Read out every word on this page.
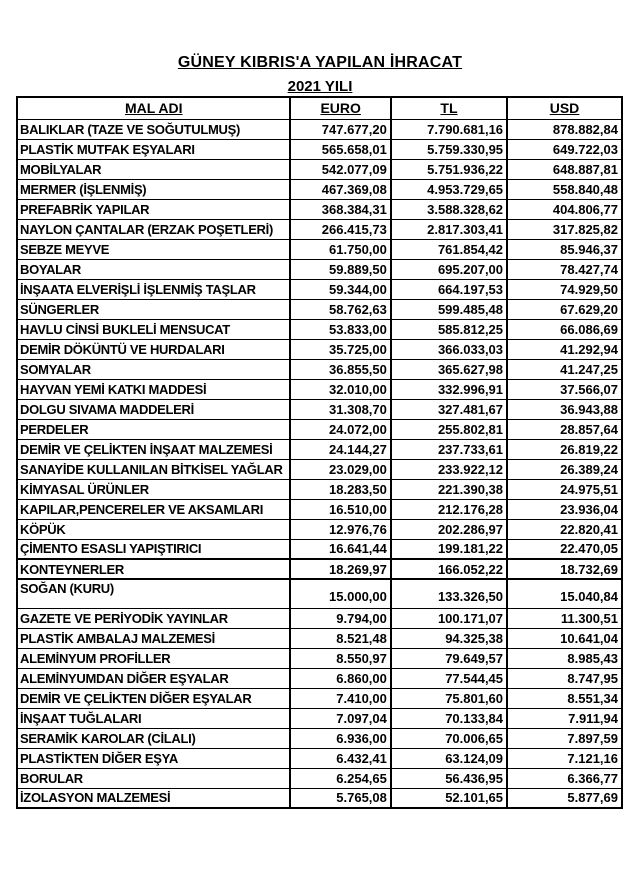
GÜNEY KIBRIS'A YAPILAN İHRACAT
2021 YILI
MAL ADI	EURO	TL	USD
BALIKLAR (TAZE VE SOĞUTULMUŞ)	747.677,20	7.790.681,16	878.882,84
PLASTİK MUTFAK EŞYALARI	565.658,01	5.759.330,95	649.722,03
MOBİLYALAR	542.077,09	5.751.936,22	648.887,81
MERMER (İŞLENMİŞ)	467.369,08	4.953.729,65	558.840,48
PREFABRİK YAPILAR	368.384,31	3.588.328,62	404.806,77
NAYLON ÇANTALAR (ERZAK POŞETLERİ)	266.415,73	2.817.303,41	317.825,82
SEBZE MEYVE	61.750,00	761.854,42	85.946,37
BOYALAR	59.889,50	695.207,00	78.427,74
İNŞAATA ELVERİŞLİ İŞLENMİŞ TAŞLAR	59.344,00	664.197,53	74.929,50
SÜNGERLER	58.762,63	599.485,48	67.629,20
HAVLU CİNSİ BUKLELİ MENSUCAT	53.833,00	585.812,25	66.086,69
DEMİR DÖKÜNTÜ VE HURDALARI	35.725,00	366.033,03	41.292,94
SOMYALAR	36.855,50	365.627,98	41.247,25
HAYVAN YEMİ KATKI MADDESİ	32.010,00	332.996,91	37.566,07
DOLGU SIVAMA MADDELERİ	31.308,70	327.481,67	36.943,88
PERDELER	24.072,00	255.802,81	28.857,64
DEMİR VE ÇELİKTEN İNŞAAT MALZEMESİ	24.144,27	237.733,61	26.819,22
SANAYİDE KULLANILAN BİTKİSEL YAĞLAR	23.029,00	233.922,12	26.389,24
KİMYASAL ÜRÜNLER	18.283,50	221.390,38	24.975,51
KAPILAR,PENCERELER VE AKSAMLARI	16.510,00	212.176,28	23.936,04
KÖPÜK	12.976,76	202.286,97	22.820,41
ÇİMENTO ESASLI YAPIŞTIRICI	16.641,44	199.181,22	22.470,05
KONTEYNERLER	18.269,97	166.052,22	18.732,69
SOĞAN (KURU)	15.000,00	133.326,50	15.040,84
GAZETE VE PERİYODİK YAYINLAR	9.794,00	100.171,07	11.300,51
PLASTİK AMBALAJ MALZEMESİ	8.521,48	94.325,38	10.641,04
ALEMİNYUM PROFİLLER	8.550,97	79.649,57	8.985,43
ALEMİNYUMDAN DİĞER EŞYALAR	6.860,00	77.544,45	8.747,95
DEMİR VE ÇELİKTEN DİĞER EŞYALAR	7.410,00	75.801,60	8.551,34
İNŞAAT TUĞLALARI	7.097,04	70.133,84	7.911,94
SERAMİK KAROLAR (CİLALI)	6.936,00	70.006,65	7.897,59
PLASTİKTEN DİĞER EŞYA	6.432,41	63.124,09	7.121,16
BORULAR	6.254,65	56.436,95	6.366,77
İZOLASYON MALZEMESİ	5.765,08	52.101,65	5.877,69
